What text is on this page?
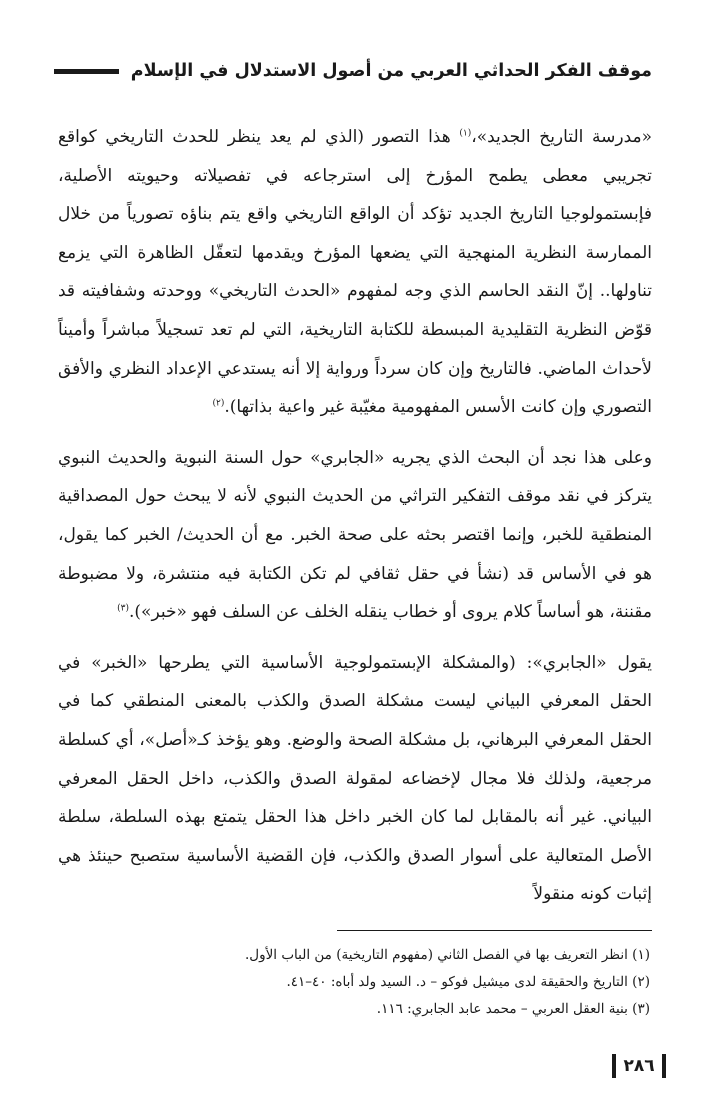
موقف الفكر الحداثي العربي من أصول الاستدلال في الإسلام

«مدرسة التاريخ الجديد»،$^{(١)}$ هذا التصور (الذي لم يعد ينظر للحدث التاريخي كواقع تجريبي معطى يطمح المؤرخ إلى استرجاعه في تفصيلاته وحيويته الأصلية، فإبستمولوجيا التاريخ الجديد تؤكد أن الواقع التاريخي واقع يتم بناؤه تصورياً من خلال الممارسة النظرية المنهجية التي يضعها المؤرخ ويقدمها لتعقّل الظاهرة التي يزمع تناولها.. إنّ النقد الحاسم الذي وجه لمفهوم «الحدث التاريخي» ووحدته وشفافيته قد قوّض النظرية التقليدية المبسطة للكتابة التاريخية، التي لم تعد تسجيلاً مباشراً وأميناً لأحداث الماضي. فالتاريخ وإن كان سرداً ورواية إلا أنه يستدعي الإعداد النظري والأفق التصوري وإن كانت الأسس المفهومية مغيّبة غير واعية بذاتها).$^{(٢)}$

وعلى هذا نجد أن البحث الذي يجريه «الجابري» حول السنة النبوية والحديث النبوي يتركز في نقد موقف التفكير التراثي من الحديث النبوي لأنه لا يبحث حول المصداقية المنطقية للخبر، وإنما اقتصر بحثه على صحة الخبر. مع أن الحديث/ الخبر كما يقول، هو في الأساس قد (نشأ في حقل ثقافي لم تكن الكتابة فيه منتشرة، ولا مضبوطة مقننة، هو أساساً كلام يروى أو خطاب ينقله الخلف عن السلف فهو «خبر»).$^{(٣)}$

يقول «الجابري»: (والمشكلة الإبستمولوجية الأساسية التي يطرحها «الخبر» في الحقل المعرفي البياني ليست مشكلة الصدق والكذب بالمعنى المنطقي كما في الحقل المعرفي البرهاني، بل مشكلة الصحة والوضع. وهو يؤخذ كـ«أصل»، أي كسلطة مرجعية، ولذلك فلا مجال لإخضاعه لمقولة الصدق والكذب، داخل الحقل المعرفي البياني. غير أنه بالمقابل لما كان الخبر داخل هذا الحقل يتمتع بهذه السلطة، سلطة الأصل المتعالية على أسوار الصدق والكذب، فإن القضية الأساسية ستصبح حينئذ هي إثبات كونه منقولاً

(١) انظر التعريف بها في الفصل الثاني (مفهوم التاريخية) من الباب الأول.
(٢) التاريخ والحقيقة لدى ميشيل فوكو – د. السيد ولد أباه: ٤٠–٤١.
(٣) بنية العقل العربي – محمد عابد الجابري: ١١٦.
٢٨٦
